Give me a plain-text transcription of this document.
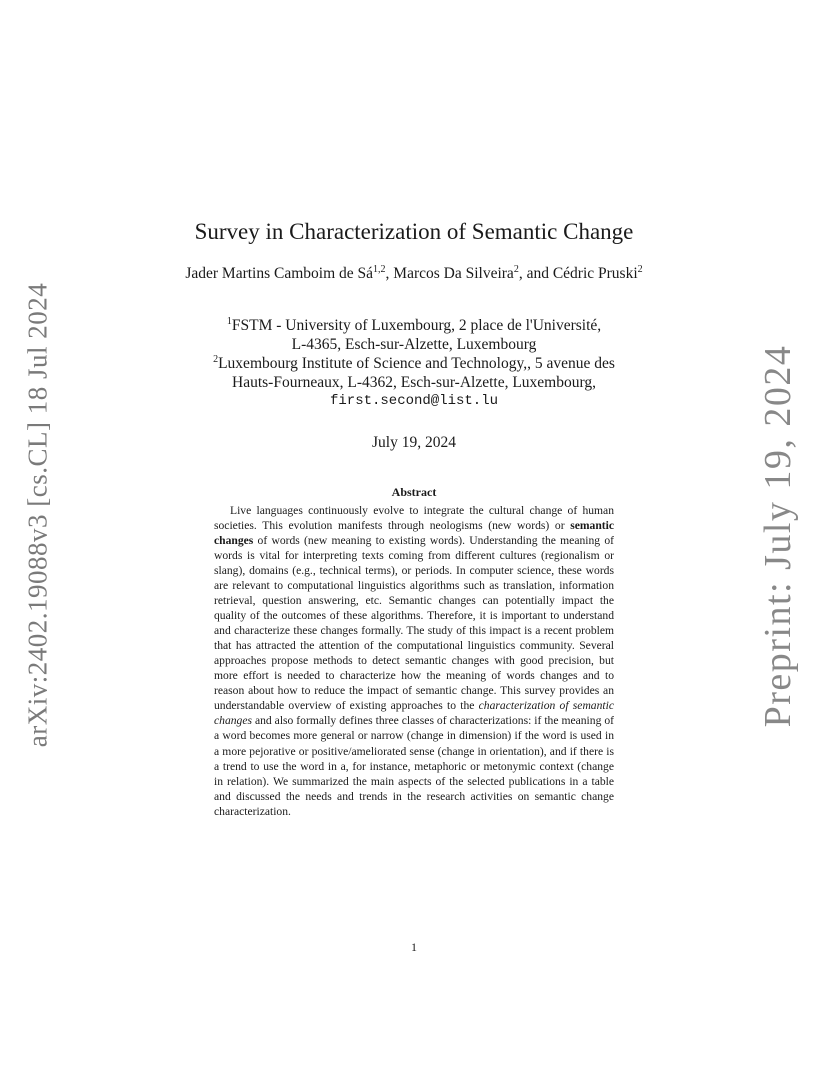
arXiv:2402.19088v3 [cs.CL] 18 Jul 2024	Preprint: July 19, 2024
Survey in Characterization of Semantic Change
Jader Martins Camboim de Sá$^{1,2}$, Marcos Da Silveira$^2$, and Cédric Pruski$^2$
$^1$FSTM - University of Luxembourg, 2 place de l'Université,
L-4365, Esch-sur-Alzette, Luxembourg
$^2$Luxembourg Institute of Science and Technology,, 5 avenue des
Hauts-Fourneaux, L-4362, Esch-sur-Alzette, Luxembourg,
first.second@list.lu
July 19, 2024
Abstract
Live languages continuously evolve to integrate the cultural change of human societies. This evolution manifests through neologisms (new words) or semantic changes of words (new meaning to existing words). Understanding the meaning of words is vital for interpreting texts coming from different cultures (regionalism or slang), domains (e.g., technical terms), or periods. In computer science, these words are relevant to computational linguistics algorithms such as translation, information retrieval, question answering, etc. Semantic changes can potentially impact the quality of the outcomes of these algorithms. Therefore, it is important to understand and characterize these changes formally. The study of this impact is a recent problem that has attracted the attention of the computational linguistics community. Several approaches propose methods to detect semantic changes with good precision, but more effort is needed to characterize how the meaning of words changes and to reason about how to reduce the impact of semantic change. This survey provides an understandable overview of existing approaches to the characterization of semantic changes and also formally defines three classes of characterizations: if the meaning of a word becomes more general or narrow (change in dimension) if the word is used in a more pejorative or positive/ameliorated sense (change in orientation), and if there is a trend to use the word in a, for instance, metaphoric or metonymic context (change in relation). We summarized the main aspects of the selected publications in a table and discussed the needs and trends in the research activities on semantic change characterization.
1
